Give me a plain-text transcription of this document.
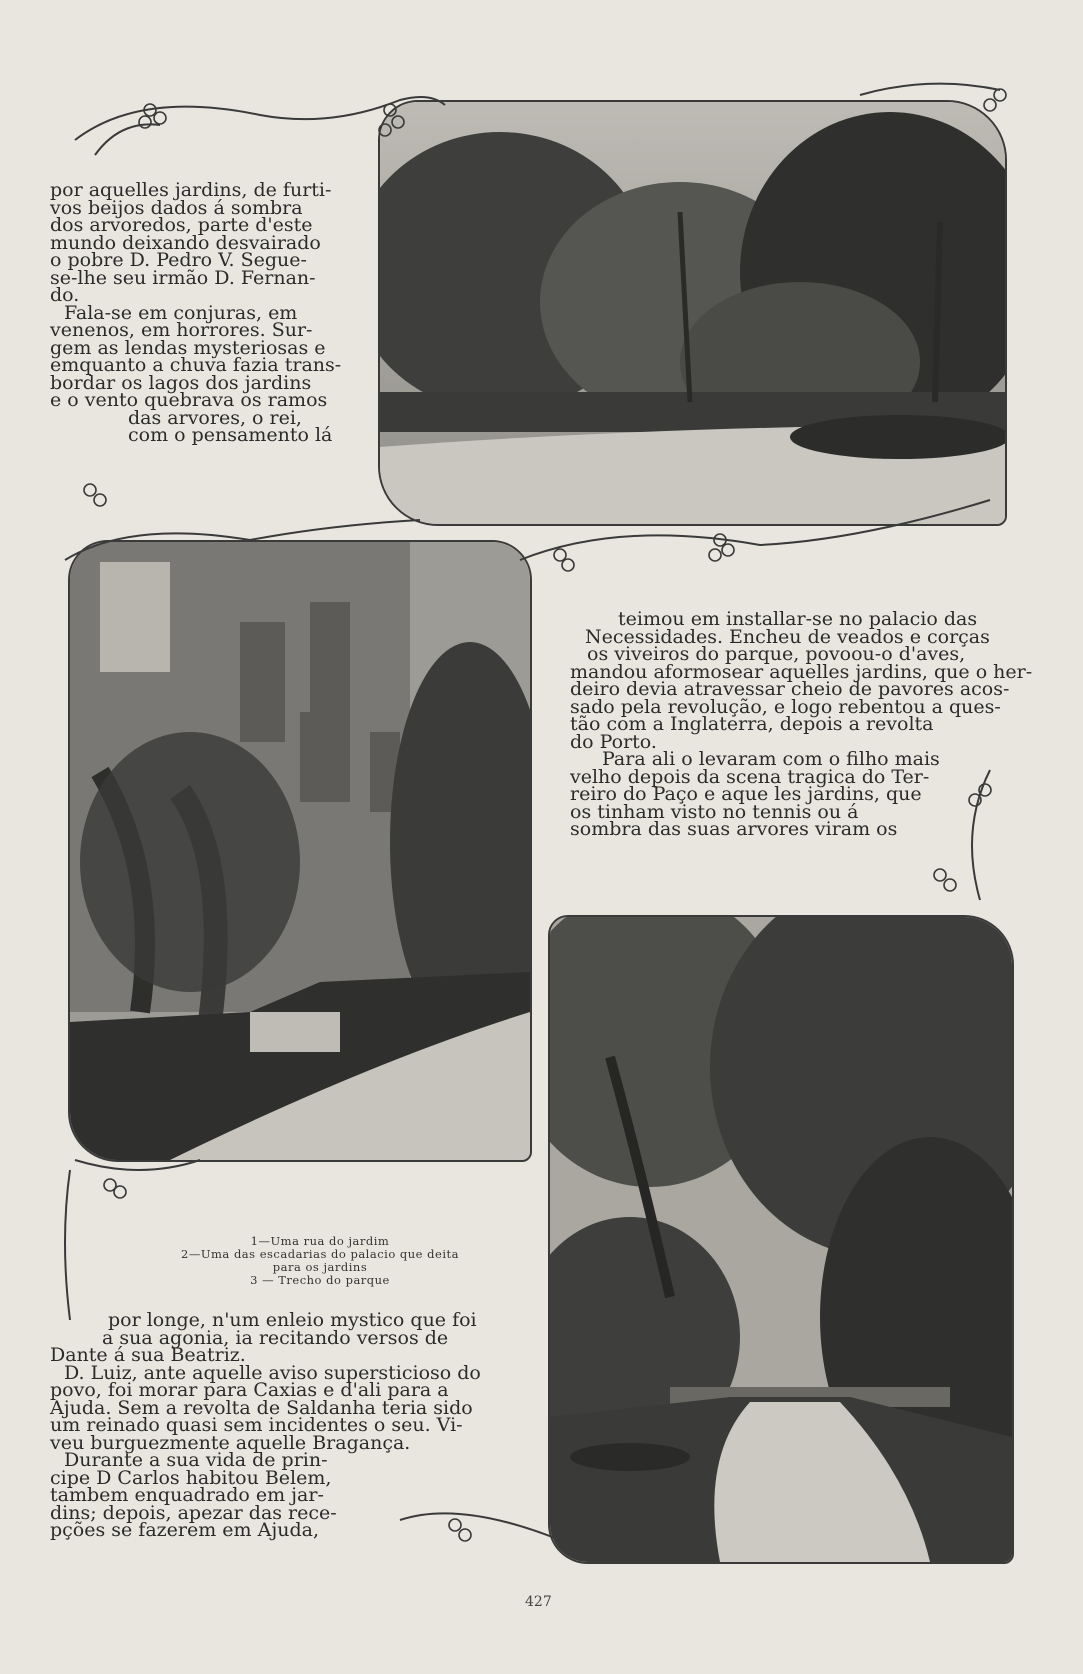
por aquelles jardins, de furti-
vos beijos dados á sombra
dos arvoredos, parte d'este
mundo deixando desvairado
o pobre D. Pedro V. Segue-
se-lhe seu irmão D. Fernan-
do.
Fala-se em conjuras, em
venenos, em horrores. Sur-
gem as lendas mysteriosas e
emquanto a chuva fazia trans-
bordar os lagos dos jardins
e o vento quebrava os ramos
das arvores, o rei,
com o pensamento lá
teimou em installar-se no palacio das
Necessidades. Encheu de veados e corças
os viveiros do parque, povoou-o d'aves,
mandou aformosear aquelles jardins, que o her-
deiro devia atravessar cheio de pavores acos-
sado pela revolução, e logo rebentou a ques-
tão com a Inglaterra, depois a revolta
do Porto.
Para ali o levaram com o filho mais
velho depois da scena tragica do Ter-
reiro do Paço e aque les jardins, que
os tinham visto no tennis ou á
sombra das suas arvores viram os
1—Uma rua do jardim
2—Uma das escadarias do palacio que deita
para os jardins
3 — Trecho do parque
por longe, n'um enleio mystico que foi
a sua agonia, ia recitando versos de
Dante á sua Beatriz.
D. Luiz, ante aquelle aviso supersticioso do
povo, foi morar para Caxias e d'ali para a
Ajuda. Sem a revolta de Saldanha teria sido
um reinado quasi sem incidentes o seu. Vi-
veu burguezmente aquelle Bragança.
Durante a sua vida de prin-
cipe D Carlos habitou Belem,
tambem enquadrado em jar-
dins; depois, apezar das rece-
pções se fazerem em Ajuda,
427
